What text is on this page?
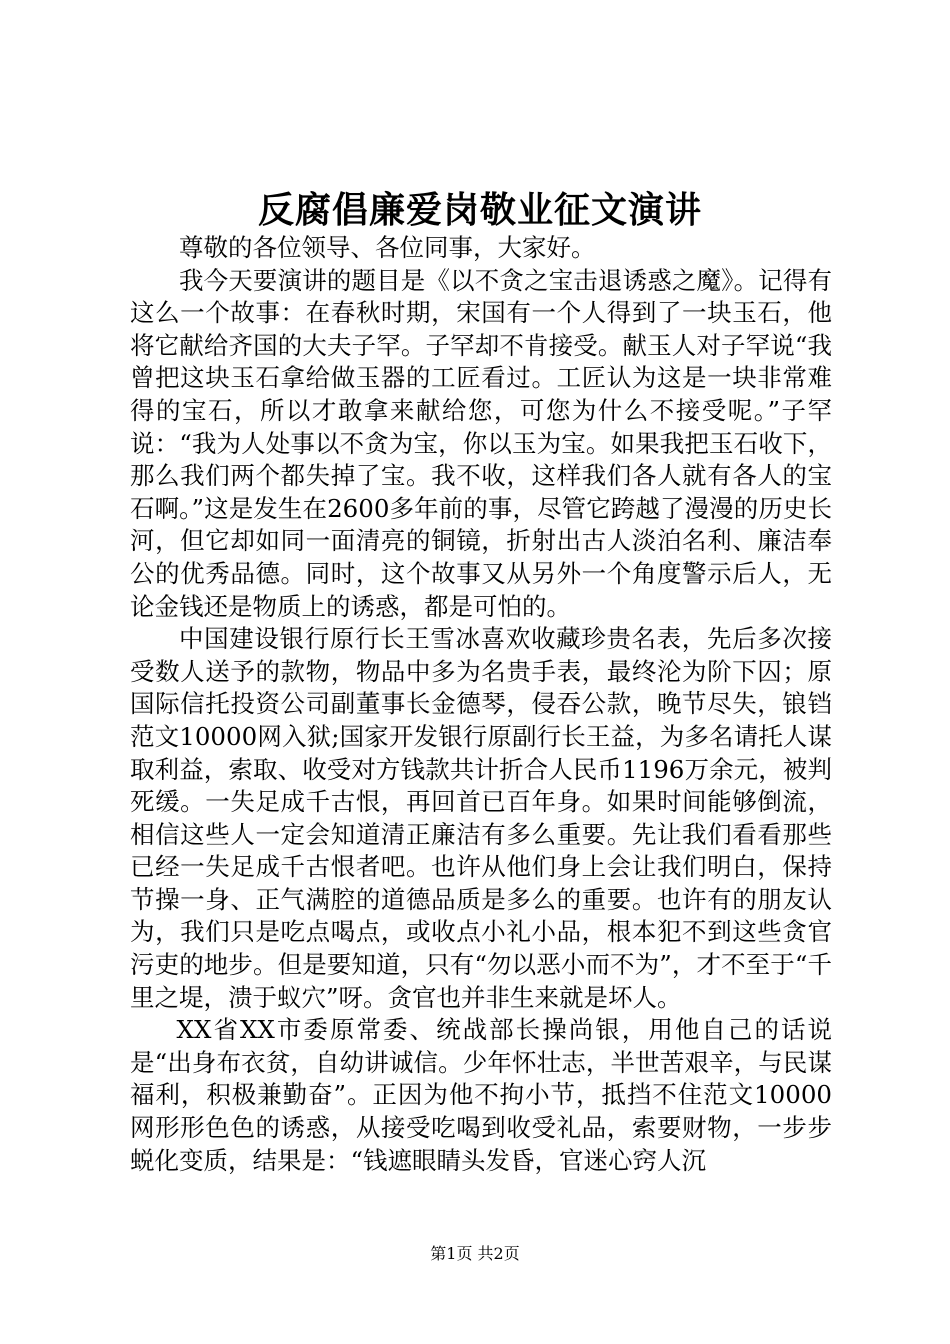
反腐倡廉爱岗敬业征文演讲

尊敬的各位领导、各位同事，大家好。

我今天要演讲的题目是《以不贪之宝击退诱惑之魔》。记得有这么一个故事：在春秋时期，宋国有一个人得到了一块玉石，他将它献给齐国的大夫子罕。子罕却不肯接受。献玉人对子罕说“我曾把这块玉石拿给做玉器的工匠看过。工匠认为这是一块非常难得的宝石，所以才敢拿来献给您，可您为什么不接受呢。”子罕说：“我为人处事以不贪为宝，你以玉为宝。如果我把玉石收下，那么我们两个都失掉了宝。我不收，这样我们各人就有各人的宝石啊。”这是发生在2600多年前的事，尽管它跨越了漫漫的历史长河，但它却如同一面清亮的铜镜，折射出古人淡泊名利、廉洁奉公的优秀品德。同时，这个故事又从另外一个角度警示后人，无论金钱还是物质上的诱惑，都是可怕的。

中国建设银行原行长王雪冰喜欢收藏珍贵名表，先后多次接受数人送予的款物，物品中多为名贵手表，最终沦为阶下囚；原国际信托投资公司副董事长金德琴，侵吞公款，晚节尽失，锒铛范文10000网入狱;国家开发银行原副行长王益，为多名请托人谋取利益，索取、收受对方钱款共计折合人民币1196万余元，被判死缓。一失足成千古恨，再回首已百年身。如果时间能够倒流，相信这些人一定会知道清正廉洁有多么重要。先让我们看看那些已经一失足成千古恨者吧。也许从他们身上会让我们明白，保持节操一身、正气满腔的道德品质是多么的重要。也许有的朋友认为，我们只是吃点喝点，或收点小礼小品，根本犯不到这些贪官污吏的地步。但是要知道，只有“勿以恶小而不为”，才不至于“千里之堤，溃于蚁穴”呀。贪官也并非生来就是坏人。

XX省XX市委原常委、统战部长操尚银，用他自己的话说是“出身布衣贫，自幼讲诚信。少年怀壮志，半世苦艰辛，与民谋福利，积极兼勤奋”。正因为他不拘小节，抵挡不住范文10000网形形色色的诱惑，从接受吃喝到收受礼品，索要财物，一步步蜕化变质，结果是：“钱遮眼睛头发昏，官迷心窍人沉

第1页 共2页
